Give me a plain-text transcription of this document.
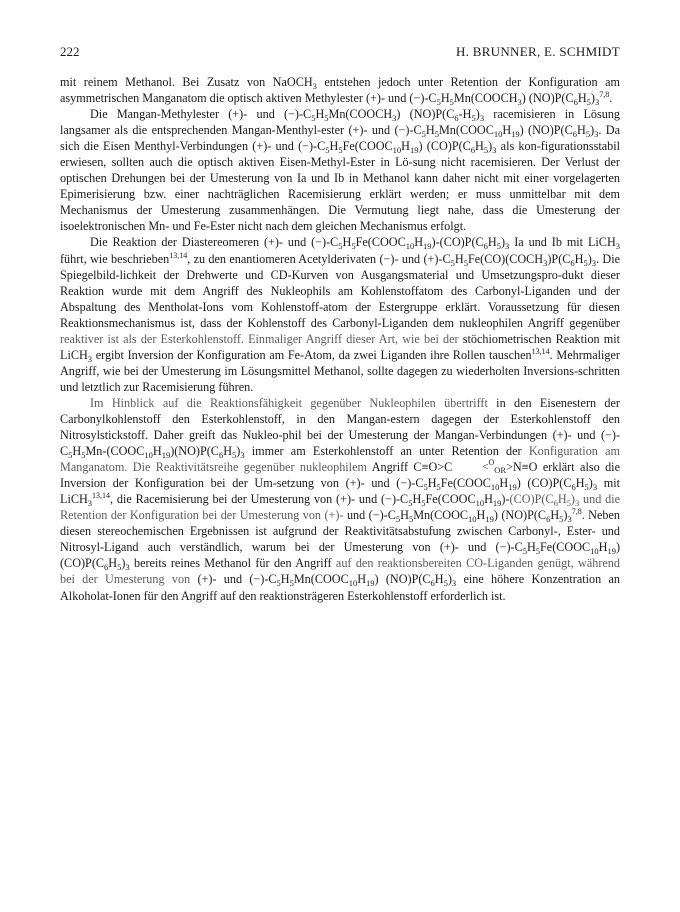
222	H. BRUNNER, E. SCHMIDT

mit reinem Methanol. Bei Zusatz von NaOCH$_3$ entstehen jedoch unter Retention der Konfiguration am asymmetrischen Manganatom die optisch aktiven Methylester (+)- und $(-)-C_5H_5Mn(COOCH_3)$ $(NO)P(C_6H_5)_3^{7,8}$.

Die Mangan-Methylester (+)- und $(-)-C_5H_5Mn(COOCH_3)$ $(NO)P(C_6-H_5)_3$ racemisieren in Lösung langsamer als die entsprechenden Mangan-Menthyl-ester (+)- und $(-)-C_5H_5Mn(COOC_{10}H_{19})$ $(NO)P(C_6H_5)_3$. Da sich die Eisen Menthyl-Verbindungen (+)- und $(-)-C_5H_5Fe(COOC_{10}H_{19})$ $(CO)P(C_6H_5)_3$ als kon-figurationsstabil erwiesen, sollten auch die optisch aktiven Eisen-Methyl-Ester in Lö-sung nicht racemisieren. Der Verlust der optischen Drehungen bei der Umesterung von Ia und Ib in Methanol kann daher nicht mit einer vorgelagerten Epimerisierung bzw. einer nachträglichen Racemisierung erklärt werden; er muss unmittelbar mit dem Mechanismus der Umesterung zusammenhängen. Die Vermutung liegt nahe, dass die Umesterung der isoelektronischen Mn- und Fe-Ester nicht nach dem gleichen Mechanismus erfolgt.

Die Reaktion der Diastereomeren (+)- und $(-)-C_5H_5Fe(COOC_{10}H_{19})-(CO)P(C_6H_5)_3$ Ia und Ib mit LiCH$_3$ führt, wie beschrieben$^{13,14}$, zu den enantiomeren Acetylderivaten (−)- und $(+)-C_5H_5Fe(CO)(COCH_3)P(C_6H_5)_3$. Die Spiegelbild-lichkeit der Drehwerte und CD-Kurven von Ausgangsmaterial und Umsetzungspro-dukt dieser Reaktion wurde mit dem Angriff des Nukleophils am Kohlenstoffatom des Carbonyl-Liganden und der Abspaltung des Mentholat-Ions vom Kohlenstoff-atom der Estergruppe erklärt. Voraussetzung für diesen Reaktionsmechanismus ist, dass der Kohlenstoff des Carbonyl-Liganden dem nukleophilen Angriff gegenüber reaktiver ist als der Esterkohlenstoff. Einmaliger Angriff dieser Art, wie bei der stöchiometrischen Reaktion mit LiCH$_3$ ergibt Inversion der Konfiguration am Fe-Atom, da zwei Liganden ihre Rollen tauschen$^{13,14}$. Mehrmaliger Angriff, wie bei der Umesterung im Lösungsmittel Methanol, sollte dagegen zu wiederholten Inversions-schritten und letztlich zur Racemisierung führen.

Im Hinblick auf die Reaktionsfähigkeit gegenüber Nukleophilen übertrifft in den Eisenestern der Carbonylkohlenstoff den Esterkohlenstoff, in den Mangan-estern dagegen der Esterkohlenstoff den Nitrosylstickstoff. Daher greift das Nukleo-phil bei der Umesterung der Mangan-Verbindungen (+)- und $(-)-C_5H_5Mn-(COOC_{10}H_{19})(NO)P(C_6H_5)_3$ immer am Esterkohlenstoff an unter Retention der Konfiguration am Manganatom. Die Reaktivitätsreihe gegenüber nukleophilem Angriff C≡O>C	<$^O_{OR}$>N≡O erklärt also die Inversion der Konfiguration bei der Um-setzung von (+)- und $(-)-C_5H_5Fe(COOC_{10}H_{19})$ $(CO)P(C_6H_5)_3$ mit LiCH$_3^{13,14}$, die Racemisierung bei der Umesterung von (+)- und $(-)-C_5H_5Fe(COOC_{10}H_{19})-(CO)P(C_6H_5)_3$ und die Retention der Konfiguration bei der Umesterung von (+)- und $(-)-C_5H_5Mn(COOC_{10}H_{19})$ $(NO)P(C_6H_5)_3^{7,8}$. Neben diesen stereochemischen Ergebnissen ist aufgrund der Reaktivitätsabstufung zwischen Carbonyl-, Ester- und Nitrosyl-Ligand auch verständlich, warum bei der Umesterung von (+)- und $(-)-C_5H_5Fe(COOC_{10}H_{19})$ $(CO)P(C_6H_5)_3$ bereits reines Methanol für den Angriff auf den reaktionsbereiten CO-Liganden genügt, während bei der Umesterung von (+)- und $(-)-C_5H_5Mn(COOC_{10}H_{19})$ $(NO)P(C_6H_5)_3$ eine höhere Konzentration an Alkoholat-Ionen für den Angriff auf den reaktionsträgeren Esterkohlenstoff erforderlich ist.
